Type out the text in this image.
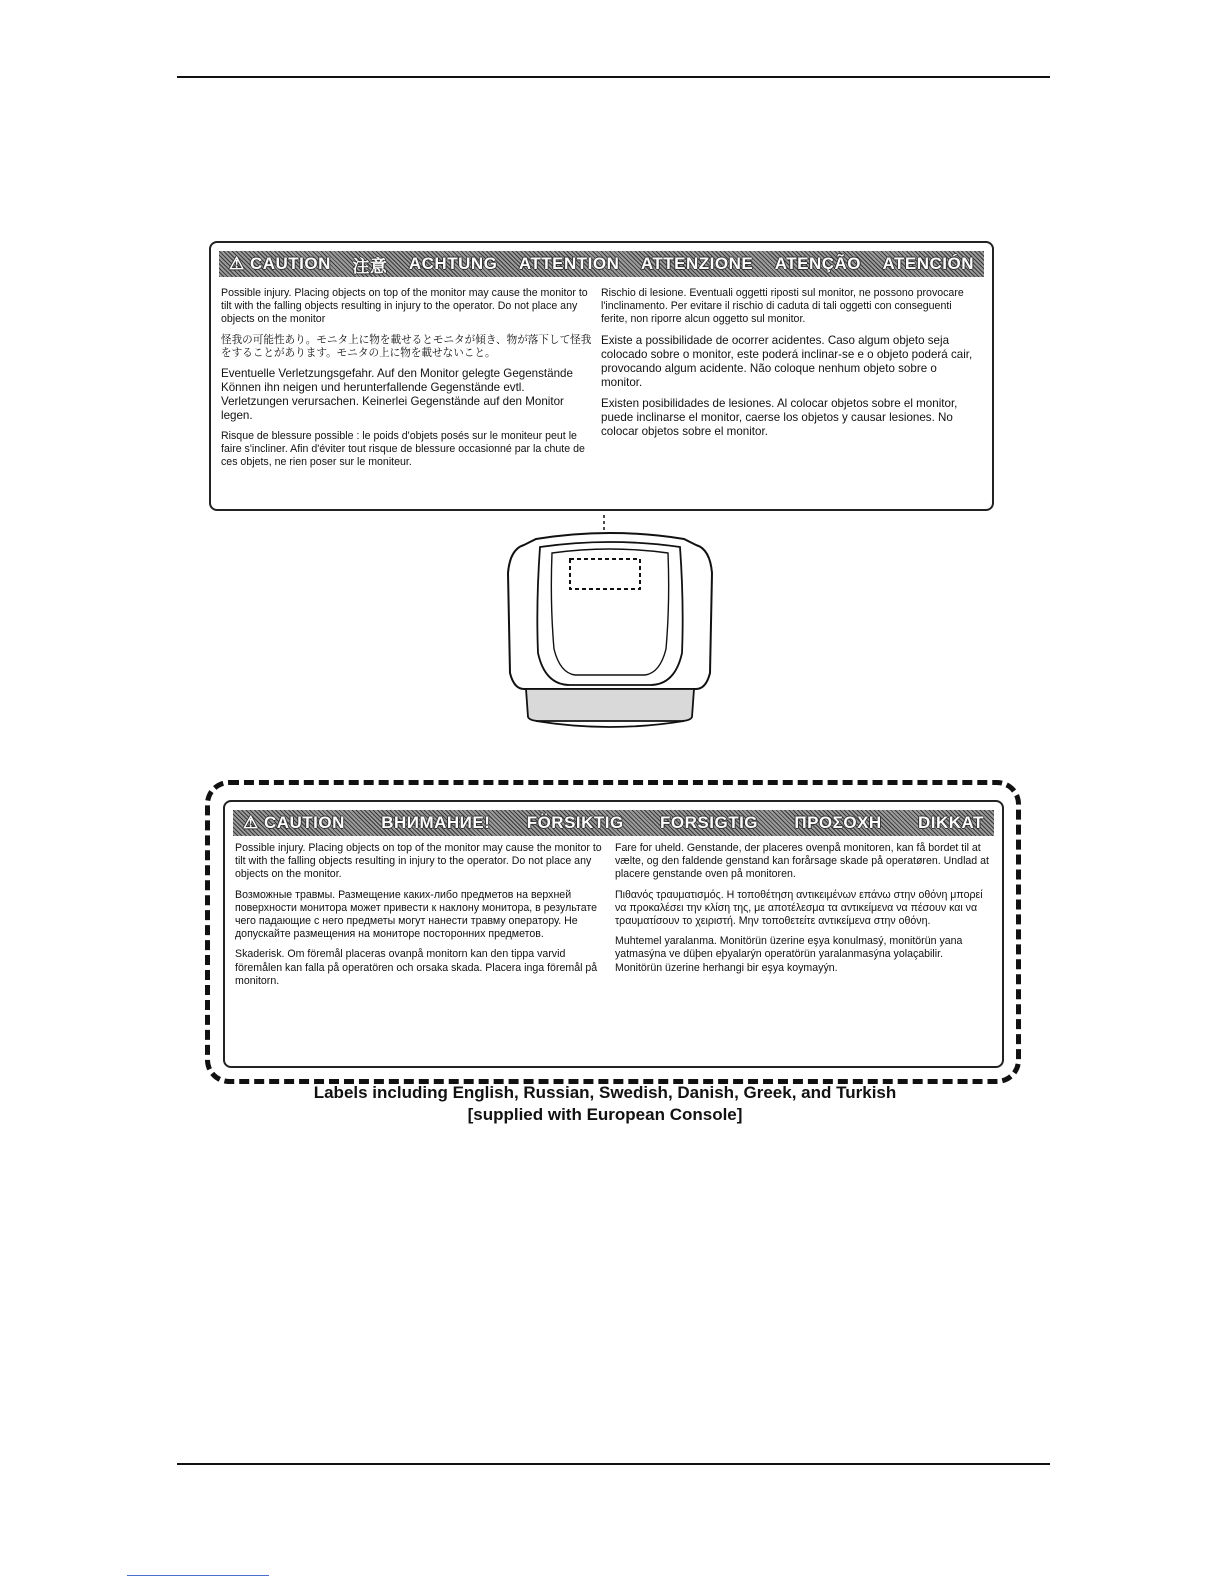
⚠ CAUTION 注意 ACHTUNG ATTENTION ATTENZIONE ATENÇÃO ATENCIÓN

Possible injury. Placing objects on top of the monitor may cause the monitor to tilt with the falling objects resulting in injury to the operator. Do not place any objects on the monitor

怪我の可能性あり。モニタ上に物を載せるとモニタが傾き、物が落下して怪我をすることがあります。モニタの上に物を載せないこと。

Eventuelle Verletzungsgefahr. Auf den Monitor gelegte Gegenstände Können ihn neigen und herunterfallende Gegenstände evtl. Verletzungen verursachen. Keinerlei Gegenstände auf den Monitor legen.

Risque de blessure possible : le poids d'objets posés sur le moniteur peut le faire s'incliner. Afin d'éviter tout risque de blessure occasionné par la chute de ces objets, ne rien poser sur le moniteur.

Rischio di lesione. Eventuali oggetti riposti sul monitor, ne possono provocare l'inclinamento. Per evitare il rischio di caduta di tali oggetti con conseguenti ferite, non riporre alcun oggetto sul monitor.

Existe a possibilidade de ocorrer acidentes. Caso algum objeto seja colocado sobre o monitor, este poderá inclinar-se e o objeto poderá cair, provocando algum acidente. Não coloque nenhum objeto sobre o monitor.

Existen posibilidades de lesiones. Al colocar objetos sobre el monitor, puede inclinarse el monitor, caerse los objetos y causar lesiones. No colocar objetos sobre el monitor.

⚠ CAUTION ВНИМАНИЕ! FÖRSIKTIG FORSIGTIG ΠΡΟΣΟΧΗ DIKKAT

Possible injury. Placing objects on top of the monitor may cause the monitor to tilt with the falling objects resulting in injury to the operator. Do not place any objects on the monitor.

Возможные травмы. Размещение каких-либо предметов на верхней поверхности монитора может привести к наклону монитора, в результате чего падающие с него предметы могут нанести травму оператору. Не допускайте размещения на мониторе посторонних предметов.

Skaderisk. Om föremål placeras ovanpå monitorn kan den tippa varvid föremålen kan falla på operatören och orsaka skada. Placera inga föremål på monitorn.

Fare for uheld. Genstande, der placeres ovenpå monitoren, kan få bordet til at vælte, og den faldende genstand kan forårsage skade på operatøren. Undlad at placere genstande oven på monitoren.

Πιθανός τραυματισμός. Η τοποθέτηση αντικειμένων επάνω στην οθόνη μπορεί να προκαλέσει την κλίση της, με αποτέλεσμα τα αντικείμενα να πέσουν και να τραυματίσουν το χειριστή. Μην τοποθετείτε αντικείμενα στην οθόνη.

Muhtemel yaralanma. Monitörün üzerine eşya konulmasý, monitörün yana yatmasýna ve düþen eþyalarýn operatörün yaralanmasýna yolaçabilir. Monitörün üzerine herhangi bir eşya koymayýn.

Labels including English, Russian, Swedish, Danish, Greek, and Turkish
[supplied with European Console]
